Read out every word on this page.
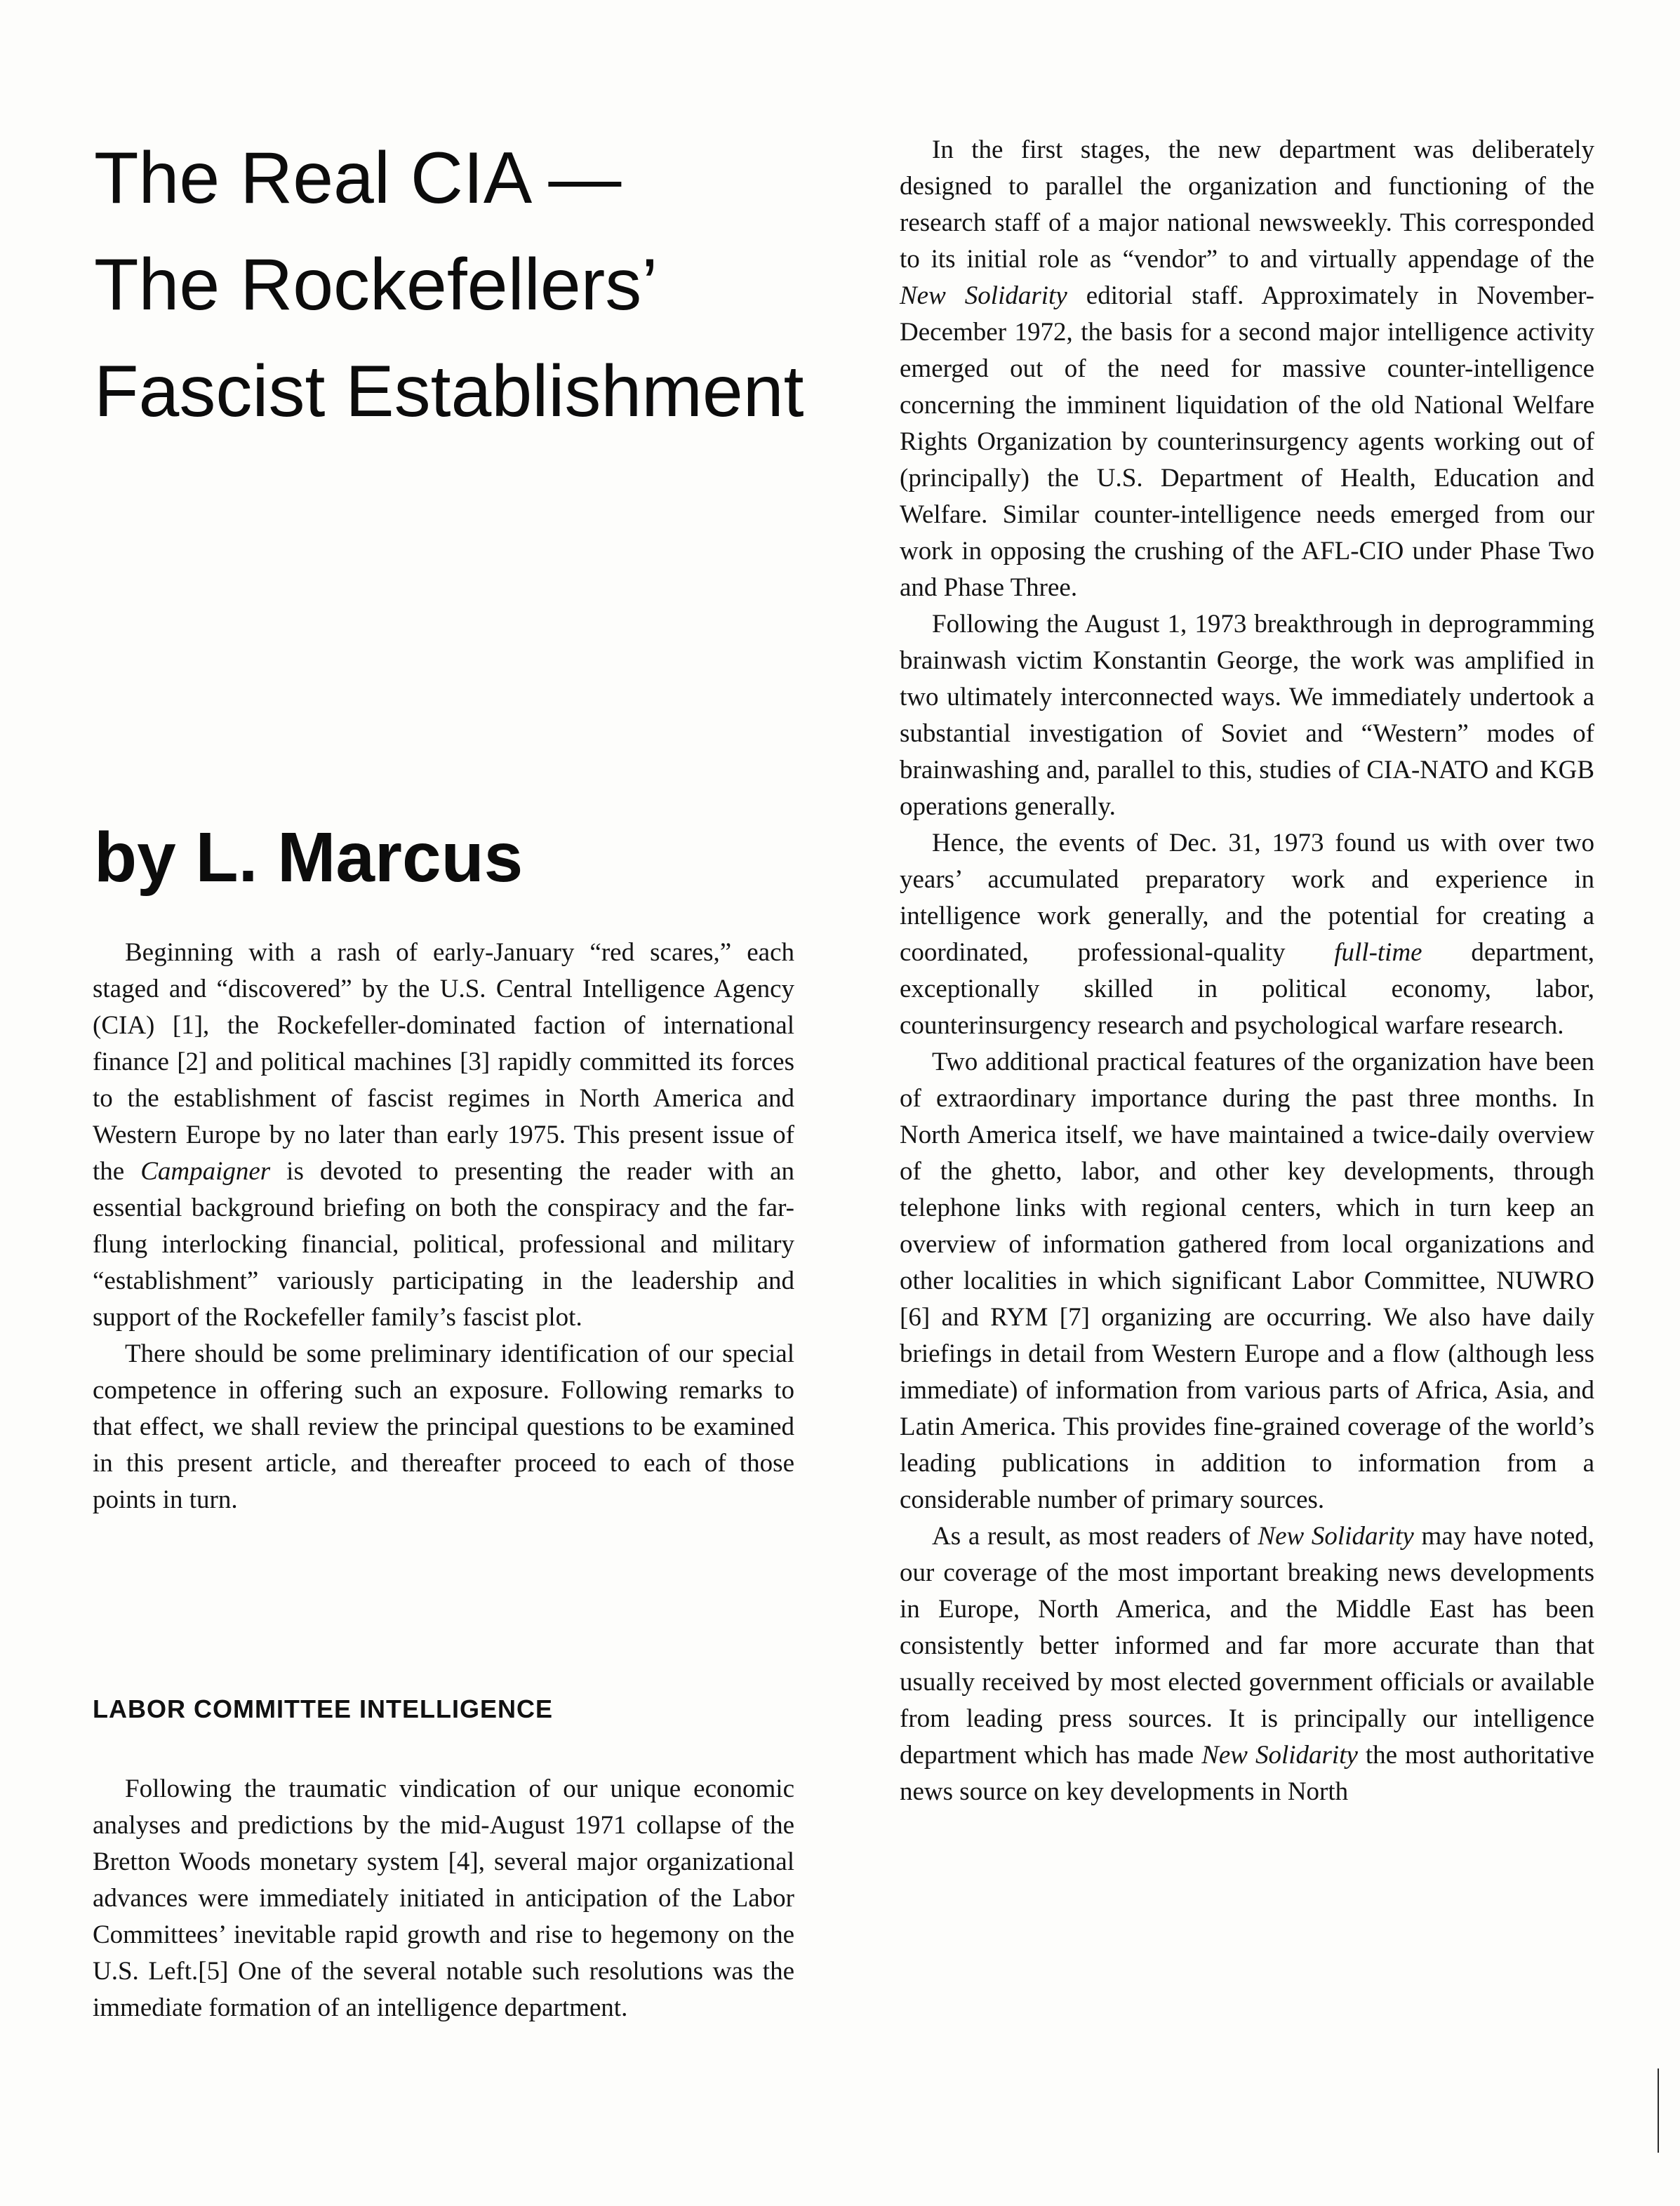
The Real CIA —
The Rockefellers’
Fascist Establishment
by L. Marcus

Beginning with a rash of early-January “red scares,” each staged and “discovered” by the U.S. Central Intelligence Agency (CIA) [1], the Rockefeller-dominated faction of international finance [2] and political machines [3] rapidly committed its forces to the establishment of fascist regimes in North America and Western Europe by no later than early 1975. This present issue of the Campaigner is devoted to presenting the reader with an essential background briefing on both the conspiracy and the far-flung interlocking financial, political, professional and military “establishment” variously participating in the leadership and support of the Rockefeller family’s fascist plot.

There should be some preliminary identification of our special competence in offering such an exposure. Following remarks to that effect, we shall review the principal questions to be examined in this present article, and thereafter proceed to each of those points in turn.

LABOR COMMITTEE INTELLIGENCE

Following the traumatic vindication of our unique economic analyses and predictions by the mid-August 1971 collapse of the Bretton Woods monetary system [4], several major organizational advances were immediately initiated in anticipation of the Labor Committees’ inevitable rapid growth and rise to hegemony on the U.S. Left.[5] One of the several notable such resolutions was the immediate formation of an intelligence department.

In the first stages, the new department was deliberately designed to parallel the organization and functioning of the research staff of a major national newsweekly. This corresponded to its initial role as “vendor” to and virtually appendage of the New Solidarity editorial staff. Approximately in November-December 1972, the basis for a second major intelligence activity emerged out of the need for massive counter-intelligence concerning the imminent liquidation of the old National Welfare Rights Organization by counterinsurgency agents working out of (principally) the U.S. Department of Health, Education and Welfare. Similar counter-intelligence needs emerged from our work in opposing the crushing of the AFL-CIO under Phase Two and Phase Three.

Following the August 1, 1973 breakthrough in deprogramming brainwash victim Konstantin George, the work was amplified in two ultimately interconnected ways. We immediately undertook a substantial investigation of Soviet and “Western” modes of brainwashing and, parallel to this, studies of CIA-NATO and KGB operations generally.

Hence, the events of Dec. 31, 1973 found us with over two years’ accumulated preparatory work and experience in intelligence work generally, and the potential for creating a coordinated, professional-quality full-time department, exceptionally skilled in political economy, labor, counterinsurgency research and psychological warfare research.

Two additional practical features of the organization have been of extraordinary importance during the past three months. In North America itself, we have maintained a twice-daily overview of the ghetto, labor, and other key developments, through telephone links with regional centers, which in turn keep an overview of information gathered from local organizations and other localities in which significant Labor Committee, NUWRO [6] and RYM [7] organizing are occurring. We also have daily briefings in detail from Western Europe and a flow (although less immediate) of information from various parts of Africa, Asia, and Latin America. This provides fine-grained coverage of the world’s leading publications in addition to information from a considerable number of primary sources.

As a result, as most readers of New Solidarity may have noted, our coverage of the most important breaking news developments in Europe, North America, and the Middle East has been consistently better informed and far more accurate than that usually received by most elected government officials or available from leading press sources. It is principally our intelligence department which has made New Solidarity the most authoritative news source on key developments in North
